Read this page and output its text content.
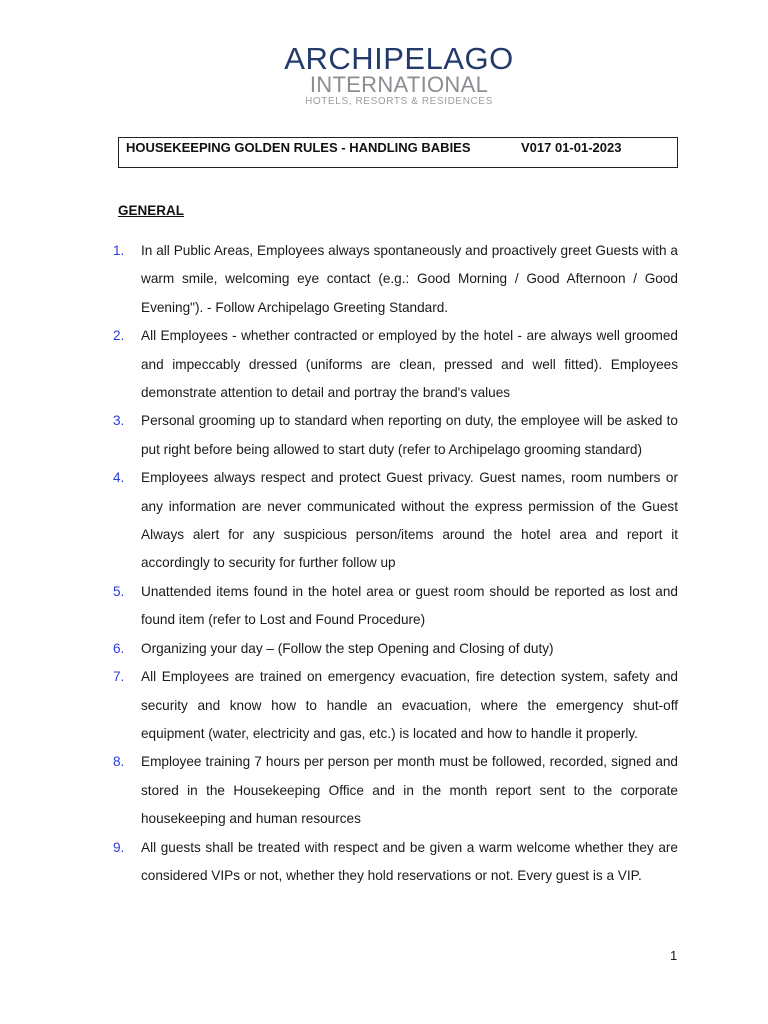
ARCHIPELAGO
INTERNATIONAL
HOTELS, RESORTS & RESIDENCES
HOUSEKEEPING GOLDEN RULES - HANDLING BABIES	V017 01-01-2023
GENERAL
1. In all Public Areas, Employees always spontaneously and proactively greet Guests with a warm smile, welcoming eye contact (e.g.: Good Morning / Good Afternoon / Good Evening"). - Follow Archipelago Greeting Standard.
2. All Employees - whether contracted or employed by the hotel - are always well groomed and impeccably dressed (uniforms are clean, pressed and well fitted). Employees demonstrate attention to detail and portray the brand's values
3. Personal grooming up to standard when reporting on duty, the employee will be asked to put right before being allowed to start duty (refer to Archipelago grooming standard)
4. Employees always respect and protect Guest privacy. Guest names, room numbers or any information are never communicated without the express permission of the Guest Always alert for any suspicious person/items around the hotel area and report it accordingly to security for further follow up
5. Unattended items found in the hotel area or guest room should be reported as lost and found item (refer to Lost and Found Procedure)
6. Organizing your day – (Follow the step Opening and Closing of duty)
7. All Employees are trained on emergency evacuation, fire detection system, safety and security and know how to handle an evacuation, where the emergency shut-off equipment (water, electricity and gas, etc.) is located and how to handle it properly.
8. Employee training 7 hours per person per month must be followed, recorded, signed and stored in the Housekeeping Office and in the month report sent to the corporate housekeeping and human resources
9. All guests shall be treated with respect and be given a warm welcome whether they are considered VIPs or not, whether they hold reservations or not. Every guest is a VIP.
1
